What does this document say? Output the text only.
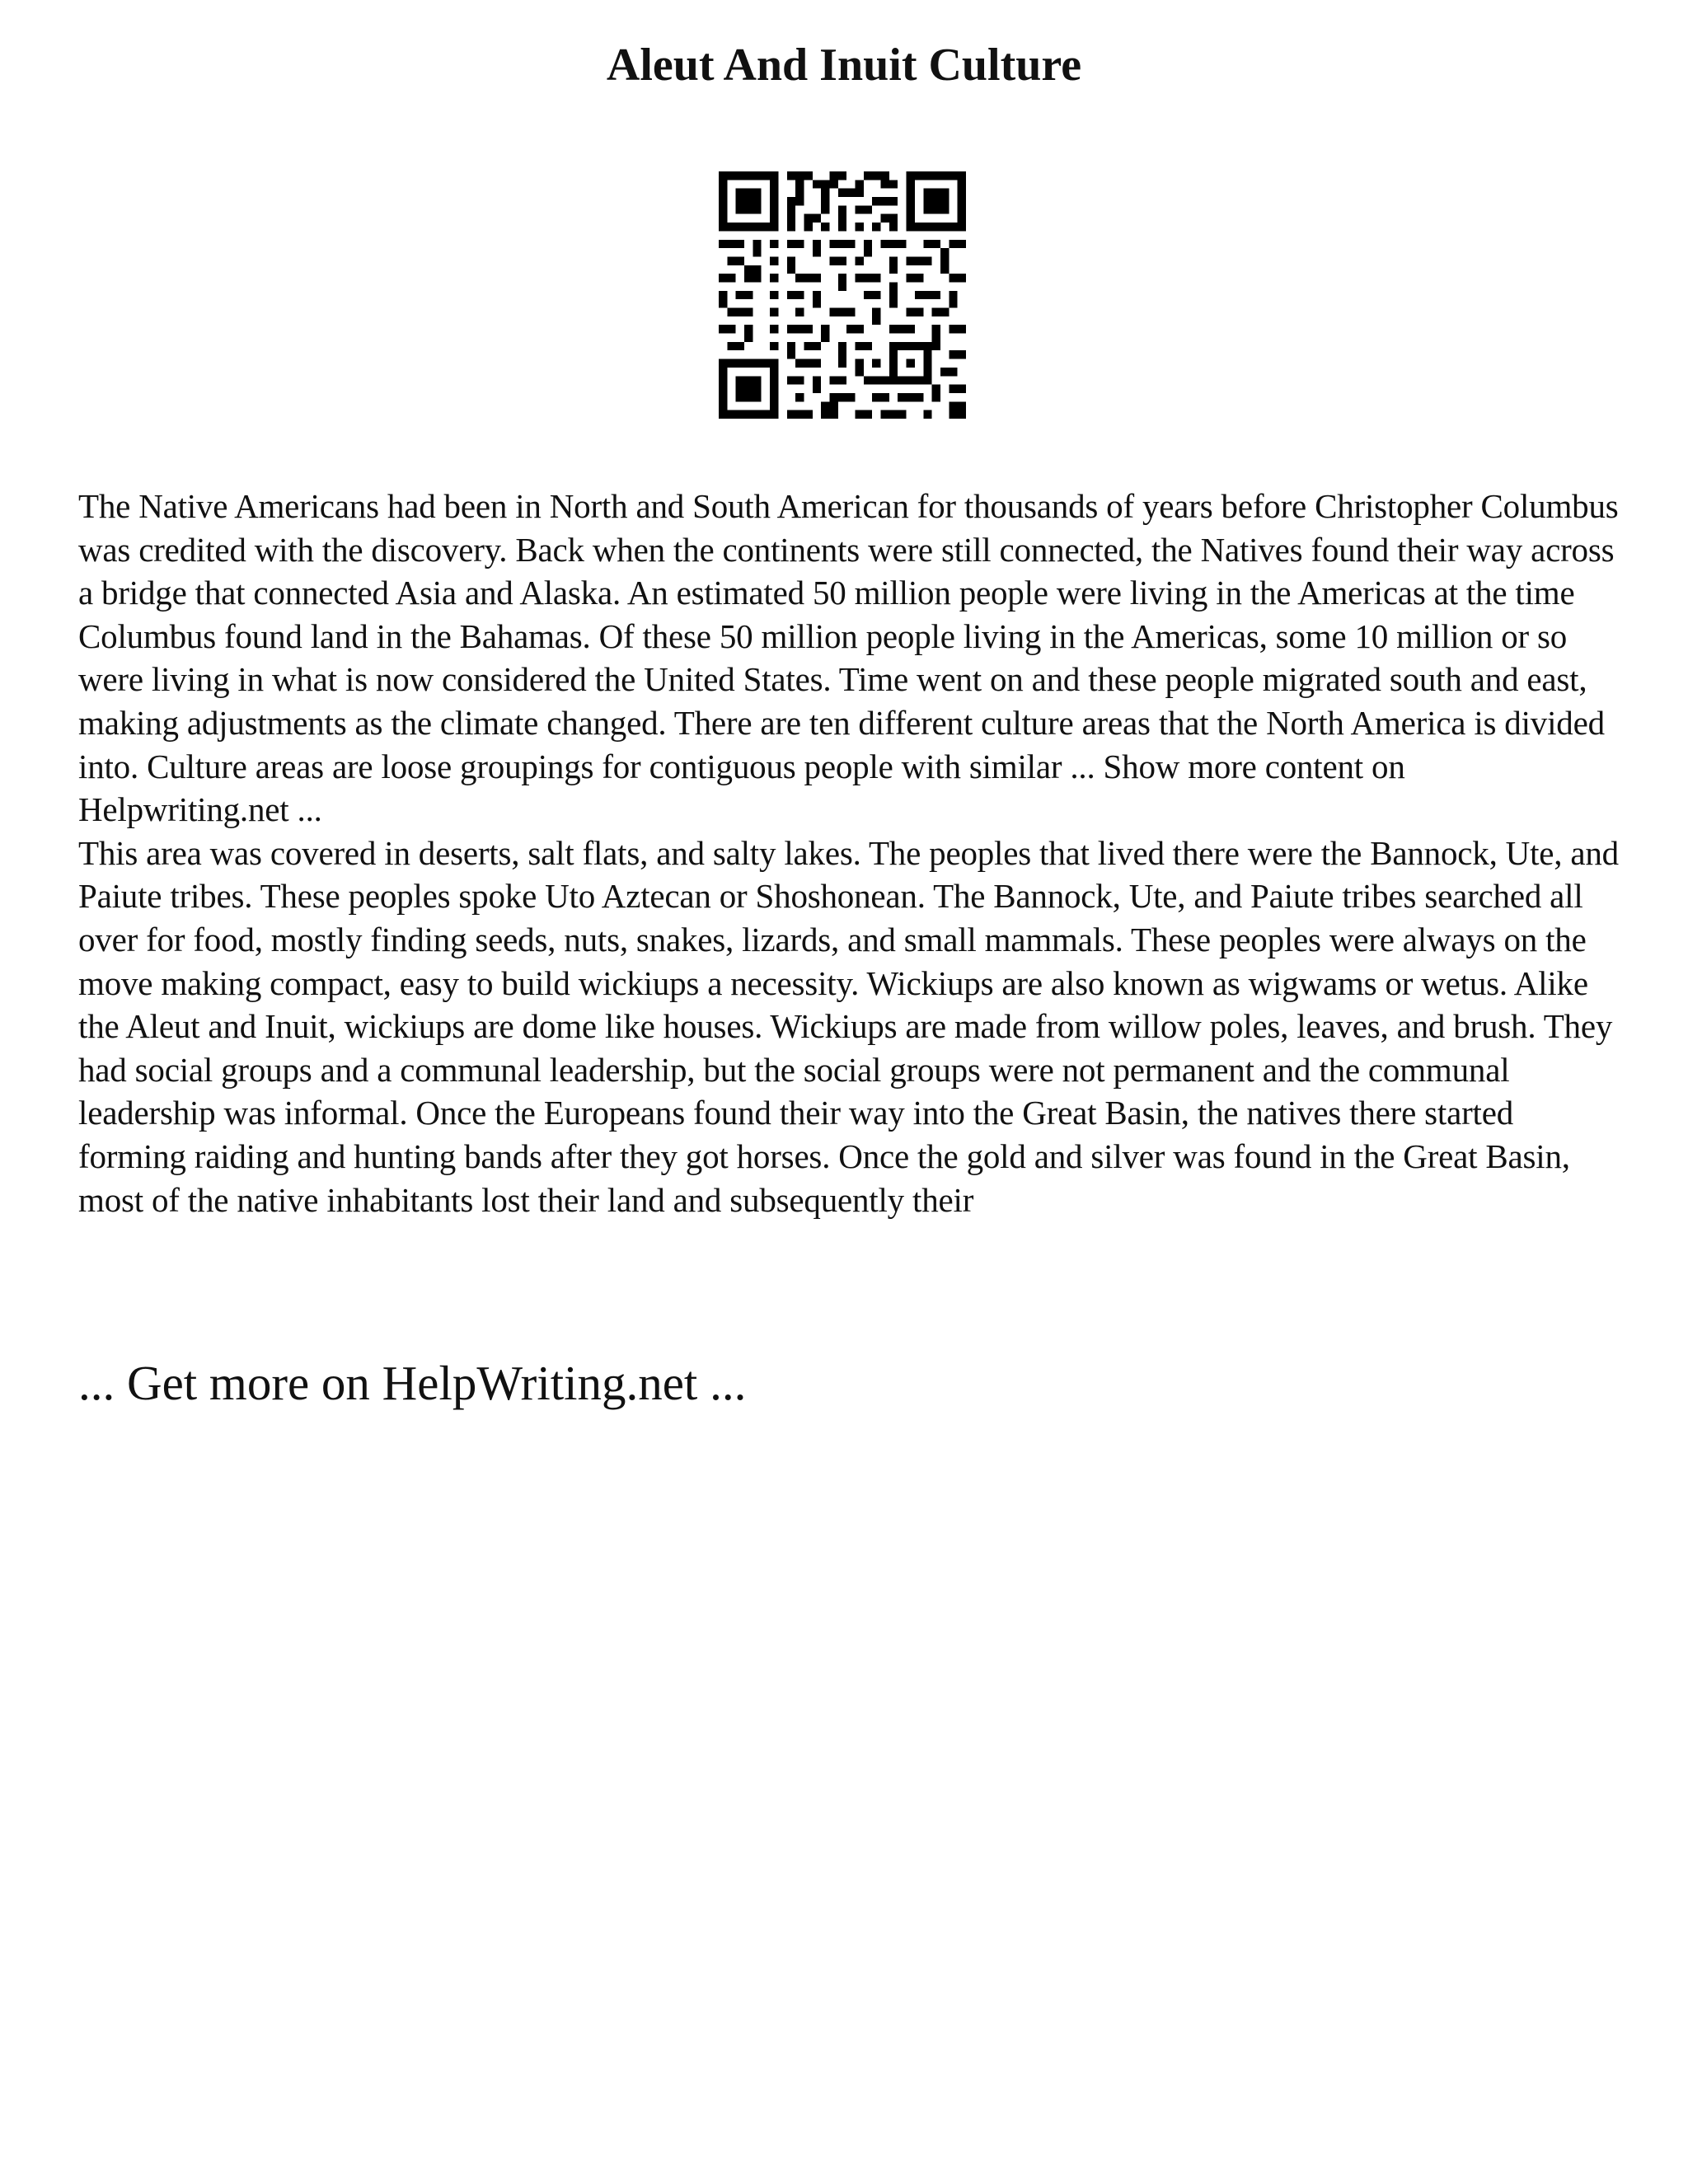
Aleut And Inuit Culture

The Native Americans had been in North and South American for thousands of years before Christopher Columbus was credited with the discovery. Back when the continents were still connected, the Natives found their way across a bridge that connected Asia and Alaska. An estimated 50 million people were living in the Americas at the time Columbus found land in the Bahamas. Of these 50 million people living in the Americas, some 10 million or so were living in what is now considered the United States. Time went on and these people migrated south and east, making adjustments as the climate changed. There are ten different culture areas that the North America is divided into. Culture areas are loose groupings for contiguous people with similar ... Show more content on Helpwriting.net ...

This area was covered in deserts, salt flats, and salty lakes. The peoples that lived there were the Bannock, Ute, and Paiute tribes. These peoples spoke Uto Aztecan or Shoshonean. The Bannock, Ute, and Paiute tribes searched all over for food, mostly finding seeds, nuts, snakes, lizards, and small mammals. These peoples were always on the move making compact, easy to build wickiups a necessity. Wickiups are also known as wigwams or wetus. Alike the Aleut and Inuit, wickiups are dome like houses. Wickiups are made from willow poles, leaves, and brush. They had social groups and a communal leadership, but the social groups were not permanent and the communal leadership was informal. Once the Europeans found their way into the Great Basin, the natives there started forming raiding and hunting bands after they got horses. Once the gold and silver was found in the Great Basin, most of the native inhabitants lost their land and subsequently their

... Get more on HelpWriting.net ...
